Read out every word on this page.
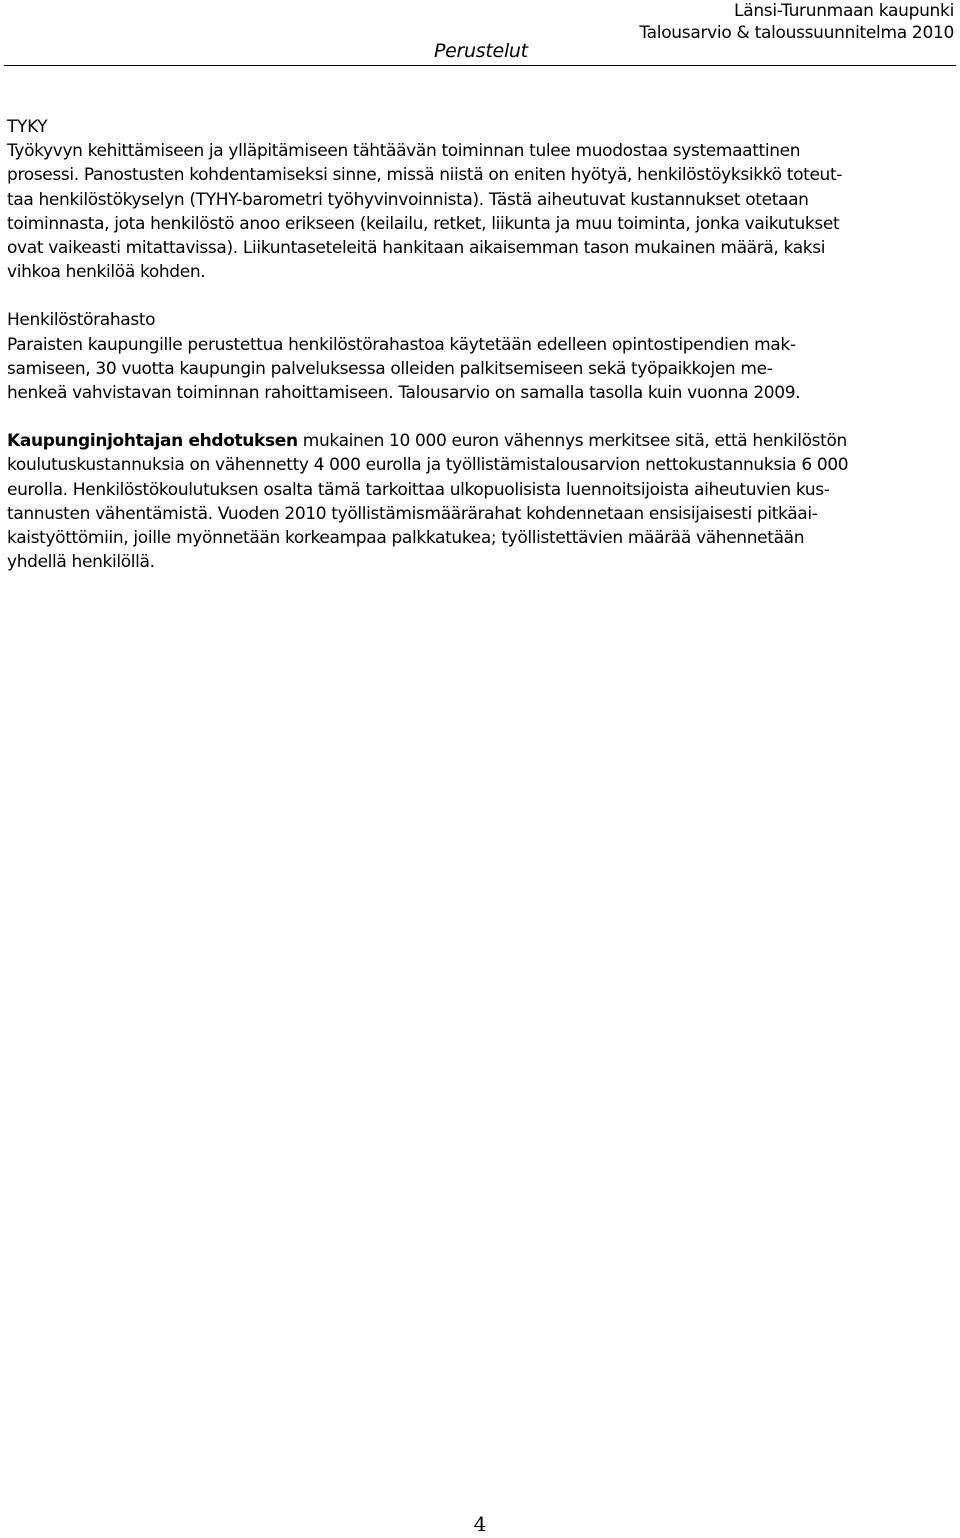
Perustelut
Länsi-Turunmaan kaupunki
Talousarvio & taloussuunnitelma 2010
TYKY
Työkyvyn kehittämiseen ja ylläpitämiseen tähtäävän toiminnan tulee muodostaa systemaattinen
prosessi. Panostusten kohdentamiseksi sinne, missä niistä on eniten hyötyä, henkilöstöyksikkö toteut-
taa henkilöstökyselyn (TYHY-barometri työhyvinvoinnista). Tästä aiheutuvat kustannukset otetaan
toiminnasta, jota henkilöstö anoo erikseen (keilailu, retket, liikunta ja muu toiminta, jonka vaikutukset
ovat vaikeasti mitattavissa). Liikuntaseteleitä hankitaan aikaisemman tason mukainen määrä, kaksi
vihkoa henkilöä kohden.
Henkilöstörahasto
Paraisten kaupungille perustettua henkilöstörahastoa käytetään edelleen opintostipendien mak-
samiseen, 30 vuotta kaupungin palveluksessa olleiden palkitsemiseen sekä työpaikkojen me-
henkeä vahvistavan toiminnan rahoittamiseen. Talousarvio on samalla tasolla kuin vuonna 2009.
Kaupunginjohtajan ehdotuksen mukainen 10 000 euron vähennys merkitsee sitä, että henkilöstön
koulutuskustannuksia on vähennetty 4 000 eurolla ja työllistämistalousarvion nettokustannuksia 6 000
eurolla. Henkilöstökoulutuksen osalta tämä tarkoittaa ulkopuolisista luennoitsijoista aiheutuvien kus-
tannusten vähentämistä. Vuoden 2010 työllistämismäärärahat kohdennetaan ensisijaisesti pitkäai-
kaistyöttömiin, joille myönnetään korkeampaa palkkatukea; työllistettävien määrää vähennetään
yhdellä henkilöllä.
4
